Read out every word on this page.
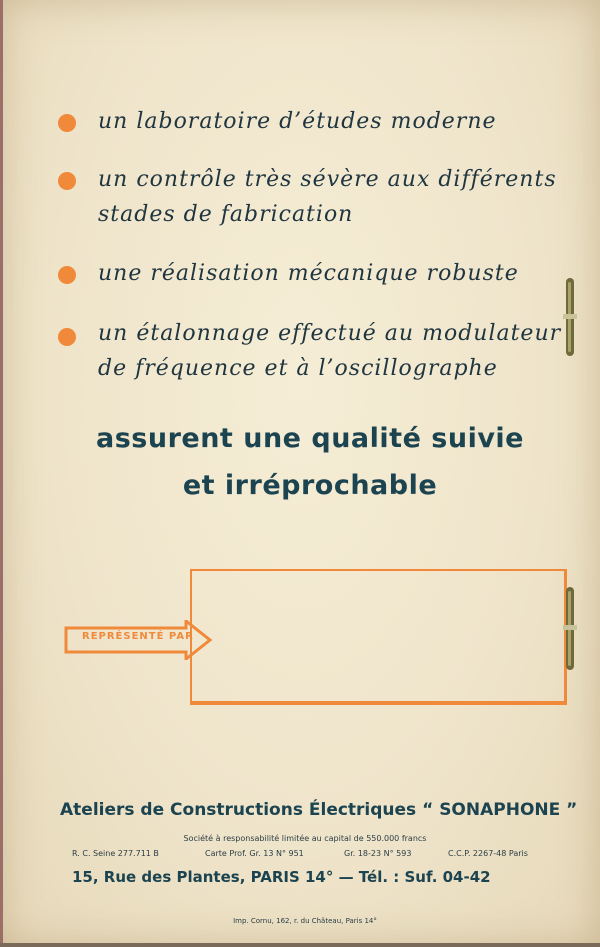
un laboratoire d’études moderne
un contrôle très sévère aux différents
stades de fabrication
une réalisation mécanique robuste
un étalonnage effectué au modulateur
de fréquence et à l’oscillographe
assurent une qualité suivie
et irréprochable
REPRÉSENTÉ PAR
Ateliers de Constructions Électriques “ SONAPHONE ”
Société à responsabilité limitée au capital de 550.000 francs
R. C. Seine 277.711 B	Carte Prof. Gr. 13 N° 951	Gr. 18-23 N° 593	C.C.P. 2267-48 Paris
15, Rue des Plantes, PARIS 14° — Tél. : Suf. 04-42
Imp. Cornu, 162, r. du Château, Paris 14°
